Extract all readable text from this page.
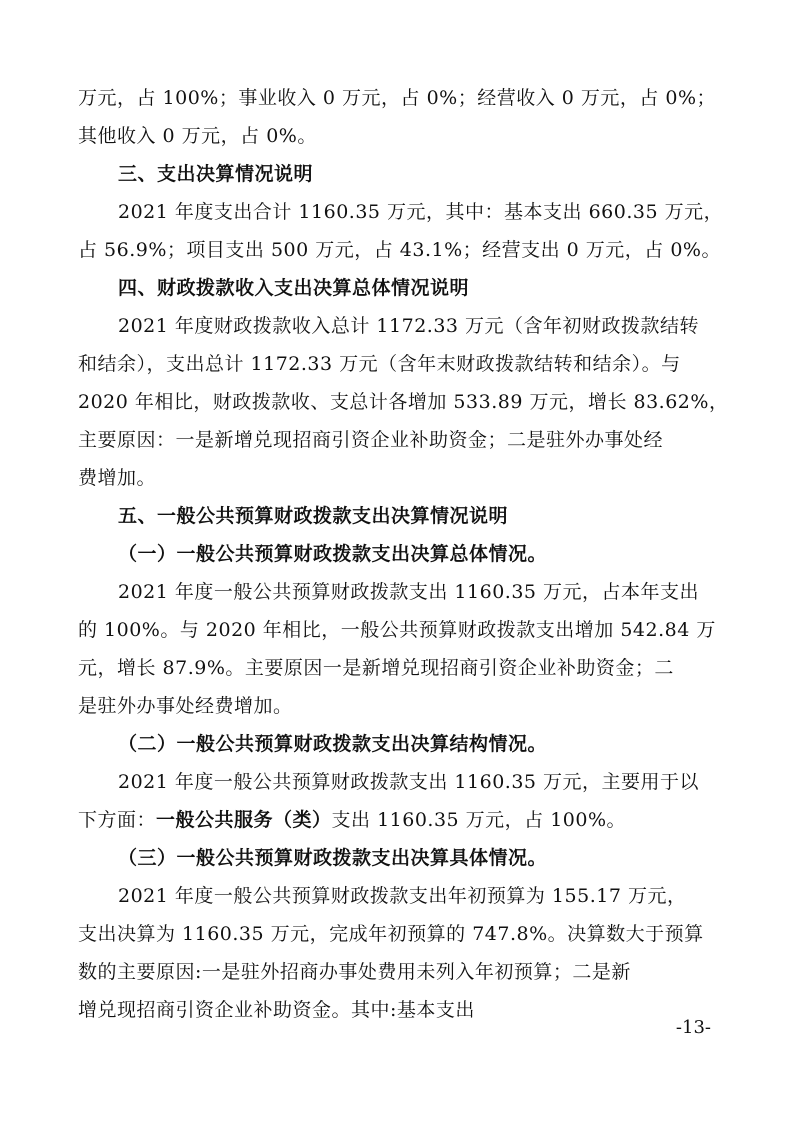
万元，占 100%；事业收入 0 万元，占 0%；经营收入 0 万元，占 0%；
其他收入 0 万元，占 0%。
三、支出决算情况说明
2021 年度支出合计 1160.35 万元，其中：基本支出 660.35 万元，
占 56.9%；项目支出 500 万元，占 43.1%；经营支出 0 万元，占 0%。
四、财政拨款收入支出决算总体情况说明
2021 年度财政拨款收入总计 1172.33 万元（含年初财政拨款结转
和结余），支出总计 1172.33 万元（含年末财政拨款结转和结余）。与
2020 年相比，财政拨款收、支总计各增加 533.89 万元，增长 83.62%，
主要原因：一是新增兑现招商引资企业补助资金；二是驻外办事处经
费增加。
五、一般公共预算财政拨款支出决算情况说明
（一）一般公共预算财政拨款支出决算总体情况。
2021 年度一般公共预算财政拨款支出 1160.35 万元，占本年支出
的 100%。与 2020 年相比，一般公共预算财政拨款支出增加 542.84 万
元，增长 87.9%。主要原因一是新增兑现招商引资企业补助资金；二
是驻外办事处经费增加。
（二）一般公共预算财政拨款支出决算结构情况。
2021 年度一般公共预算财政拨款支出 1160.35 万元，主要用于以
下方面：一般公共服务（类）支出 1160.35 万元，占 100%。
（三）一般公共预算财政拨款支出决算具体情况。
2021 年度一般公共预算财政拨款支出年初预算为 155.17 万元，
支出决算为 1160.35 万元，完成年初预算的 747.8%。决算数大于预算
数的主要原因:一是驻外招商办事处费用未列入年初预算；二是新
增兑现招商引资企业补助资金。其中:基本支出
-13-
